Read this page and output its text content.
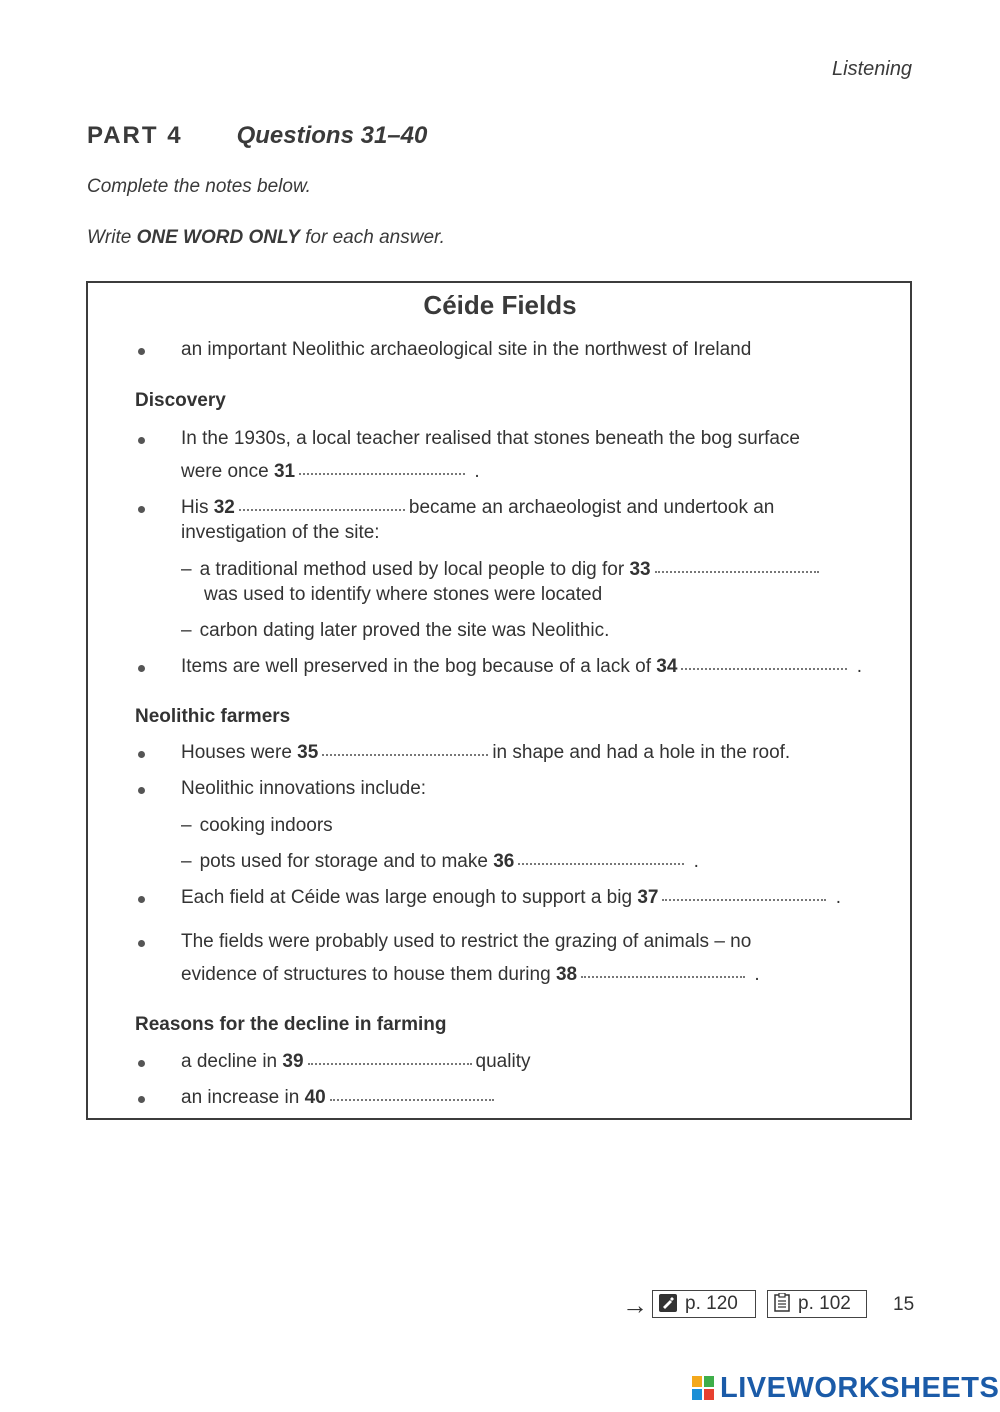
Listening
PART 4 Questions 31–40
Complete the notes below.
Write ONE WORD ONLY for each answer.
Céide Fields
an important Neolithic archaeological site in the northwest of Ireland
Discovery
In the 1930s, a local teacher realised that stones beneath the bog surface
were once 31	.
His 32	became an archaeologist and undertook an
investigation of the site:
– a traditional method used by local people to dig for 33
was used to identify where stones were located
– carbon dating later proved the site was Neolithic.
Items are well preserved in the bog because of a lack of 34	.
Neolithic farmers
Houses were 35	in shape and had a hole in the roof.
Neolithic innovations include:
– cooking indoors
– pots used for storage and to make 36	.
Each field at Céide was large enough to support a big 37	.
The fields were probably used to restrict the grazing of animals – no
evidence of structures to house them during 38	.
Reasons for the decline in farming
a decline in 39	quality
an increase in 40
→	p. 120	p. 102	15
LIVEWORKSHEETS
